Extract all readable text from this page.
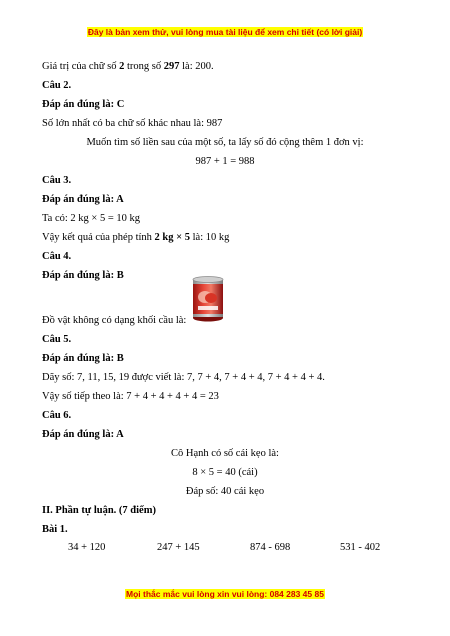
Đây là bản xem thử, vui lòng mua tài liệu để xem chi tiết (có lời giải)
Giá trị của chữ số 2 trong số 297 là: 200.
Câu 2.
Đáp án đúng là: C
Số lớn nhất có ba chữ số khác nhau là: 987
Muốn tìm số liền sau của một số, ta lấy số đó cộng thêm 1 đơn vị:
987 + 1 = 988
Câu 3.
Đáp án đúng là: A
Ta có: 2 kg × 5 = 10 kg
Vậy kết quả của phép tính 2 kg × 5 là: 10 kg
Câu 4.
Đáp án đúng là: B
Đồ vật không có dạng khối cầu là:
Câu 5.
Đáp án đúng là: B
Dãy số: 7, 11, 15, 19 được viết là: 7, 7 + 4, 7 + 4 + 4, 7 + 4 + 4 + 4.
Vậy số tiếp theo là: 7 + 4 + 4 + 4 + 4 = 23
Câu 6.
Đáp án đúng là: A
Cô Hạnh có số cái kẹo là:
8 × 5 = 40 (cái)
Đáp số: 40 cái kẹo
II. Phần tự luận. (7 điểm)
Bài 1.
34 + 120	247 + 145	874 - 698	531 - 402
Mọi thắc mắc vui lòng xin vui lòng: 084 283 45 85
